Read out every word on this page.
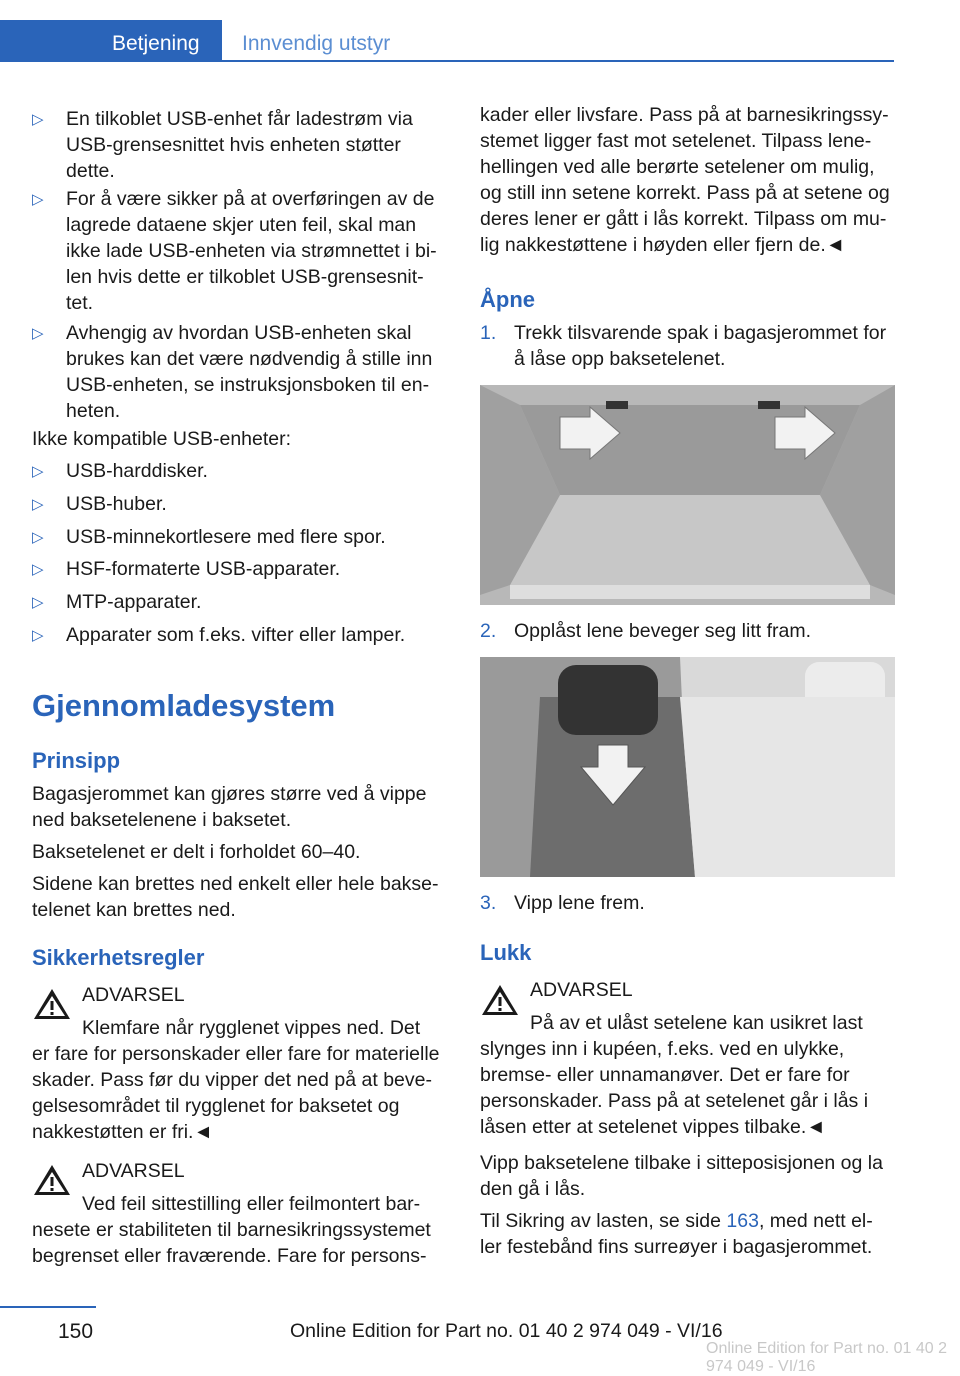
Betjening Innvendig utstyr
▷ En tilkoblet USB-enhet får ladestrøm via
USB-grensesnittet hvis enheten støtter
dette.
▷ For å være sikker på at overføringen av de
lagrede dataene skjer uten feil, skal man
ikke lade USB-enheten via strømnettet i bi-
len hvis dette er tilkoblet USB-grensesnit-
tet.
▷ Avhengig av hvordan USB-enheten skal
brukes kan det være nødvendig å stille inn
USB-enheten, se instruksjonsboken til en-
heten.
Ikke kompatible USB-enheter:
▷ USB-harddisker.
▷ USB-huber.
▷ USB-minnekortlesere med flere spor.
▷ HSF-formaterte USB-apparater.
▷ MTP-apparater.
▷ Apparater som f.eks. vifter eller lamper.
Gjennomladesystem
Prinsipp
Bagasjerommet kan gjøres større ved å vippe
ned baksetelenene i baksetet.
Baksetelenet er delt i forholdet 60–40.
Sidene kan brettes ned enkelt eller hele bakse-
telenet kan brettes ned.
Sikkerhetsregler
ADVARSEL
Klemfare når rygglenet vippes ned. Det
er fare for personskader eller fare for materielle
skader. Pass før du vipper det ned på at beve-
gelsesområdet til rygglenet for baksetet og
nakkestøtten er fri.◄
ADVARSEL
Ved feil sittestilling eller feilmontert bar-
nesete er stabiliteten til barnesikringssystemet
begrenset eller fraværende. Fare for persons-
kader eller livsfare. Pass på at barnesikringssy-
stemet ligger fast mot setelenet. Tilpass lene-
hellingen ved alle berørte setelener om mulig,
og still inn setene korrekt. Pass på at setene og
deres lener er gått i lås korrekt. Tilpass om mu-
lig nakkestøttene i høyden eller fjern de.◄
Åpne
1. Trekk tilsvarende spak i bagasjerommet for
å låse opp baksetelenet.
2. Opplåst lene beveger seg litt fram.
3. Vipp lene frem.
Lukk
ADVARSEL
På av et ulåst setelene kan usikret last
slynges inn i kupéen, f.eks. ved en ulykke,
bremse- eller unnamanøver. Det er fare for
personskader. Pass på at setelenet går i lås i
låsen etter at setelenet vippes tilbake.◄
Vipp baksetelene tilbake i sitteposisjonen og la
den gå i lås.
Til Sikring av lasten, se side 163, med nett el-
ler festebånd fins surreøyer i bagasjerommet.
150	Online Edition for Part no. 01 40 2 974 049 - VI/16
Online Edition for Part no. 01 40 2 974 049 - VI/16
